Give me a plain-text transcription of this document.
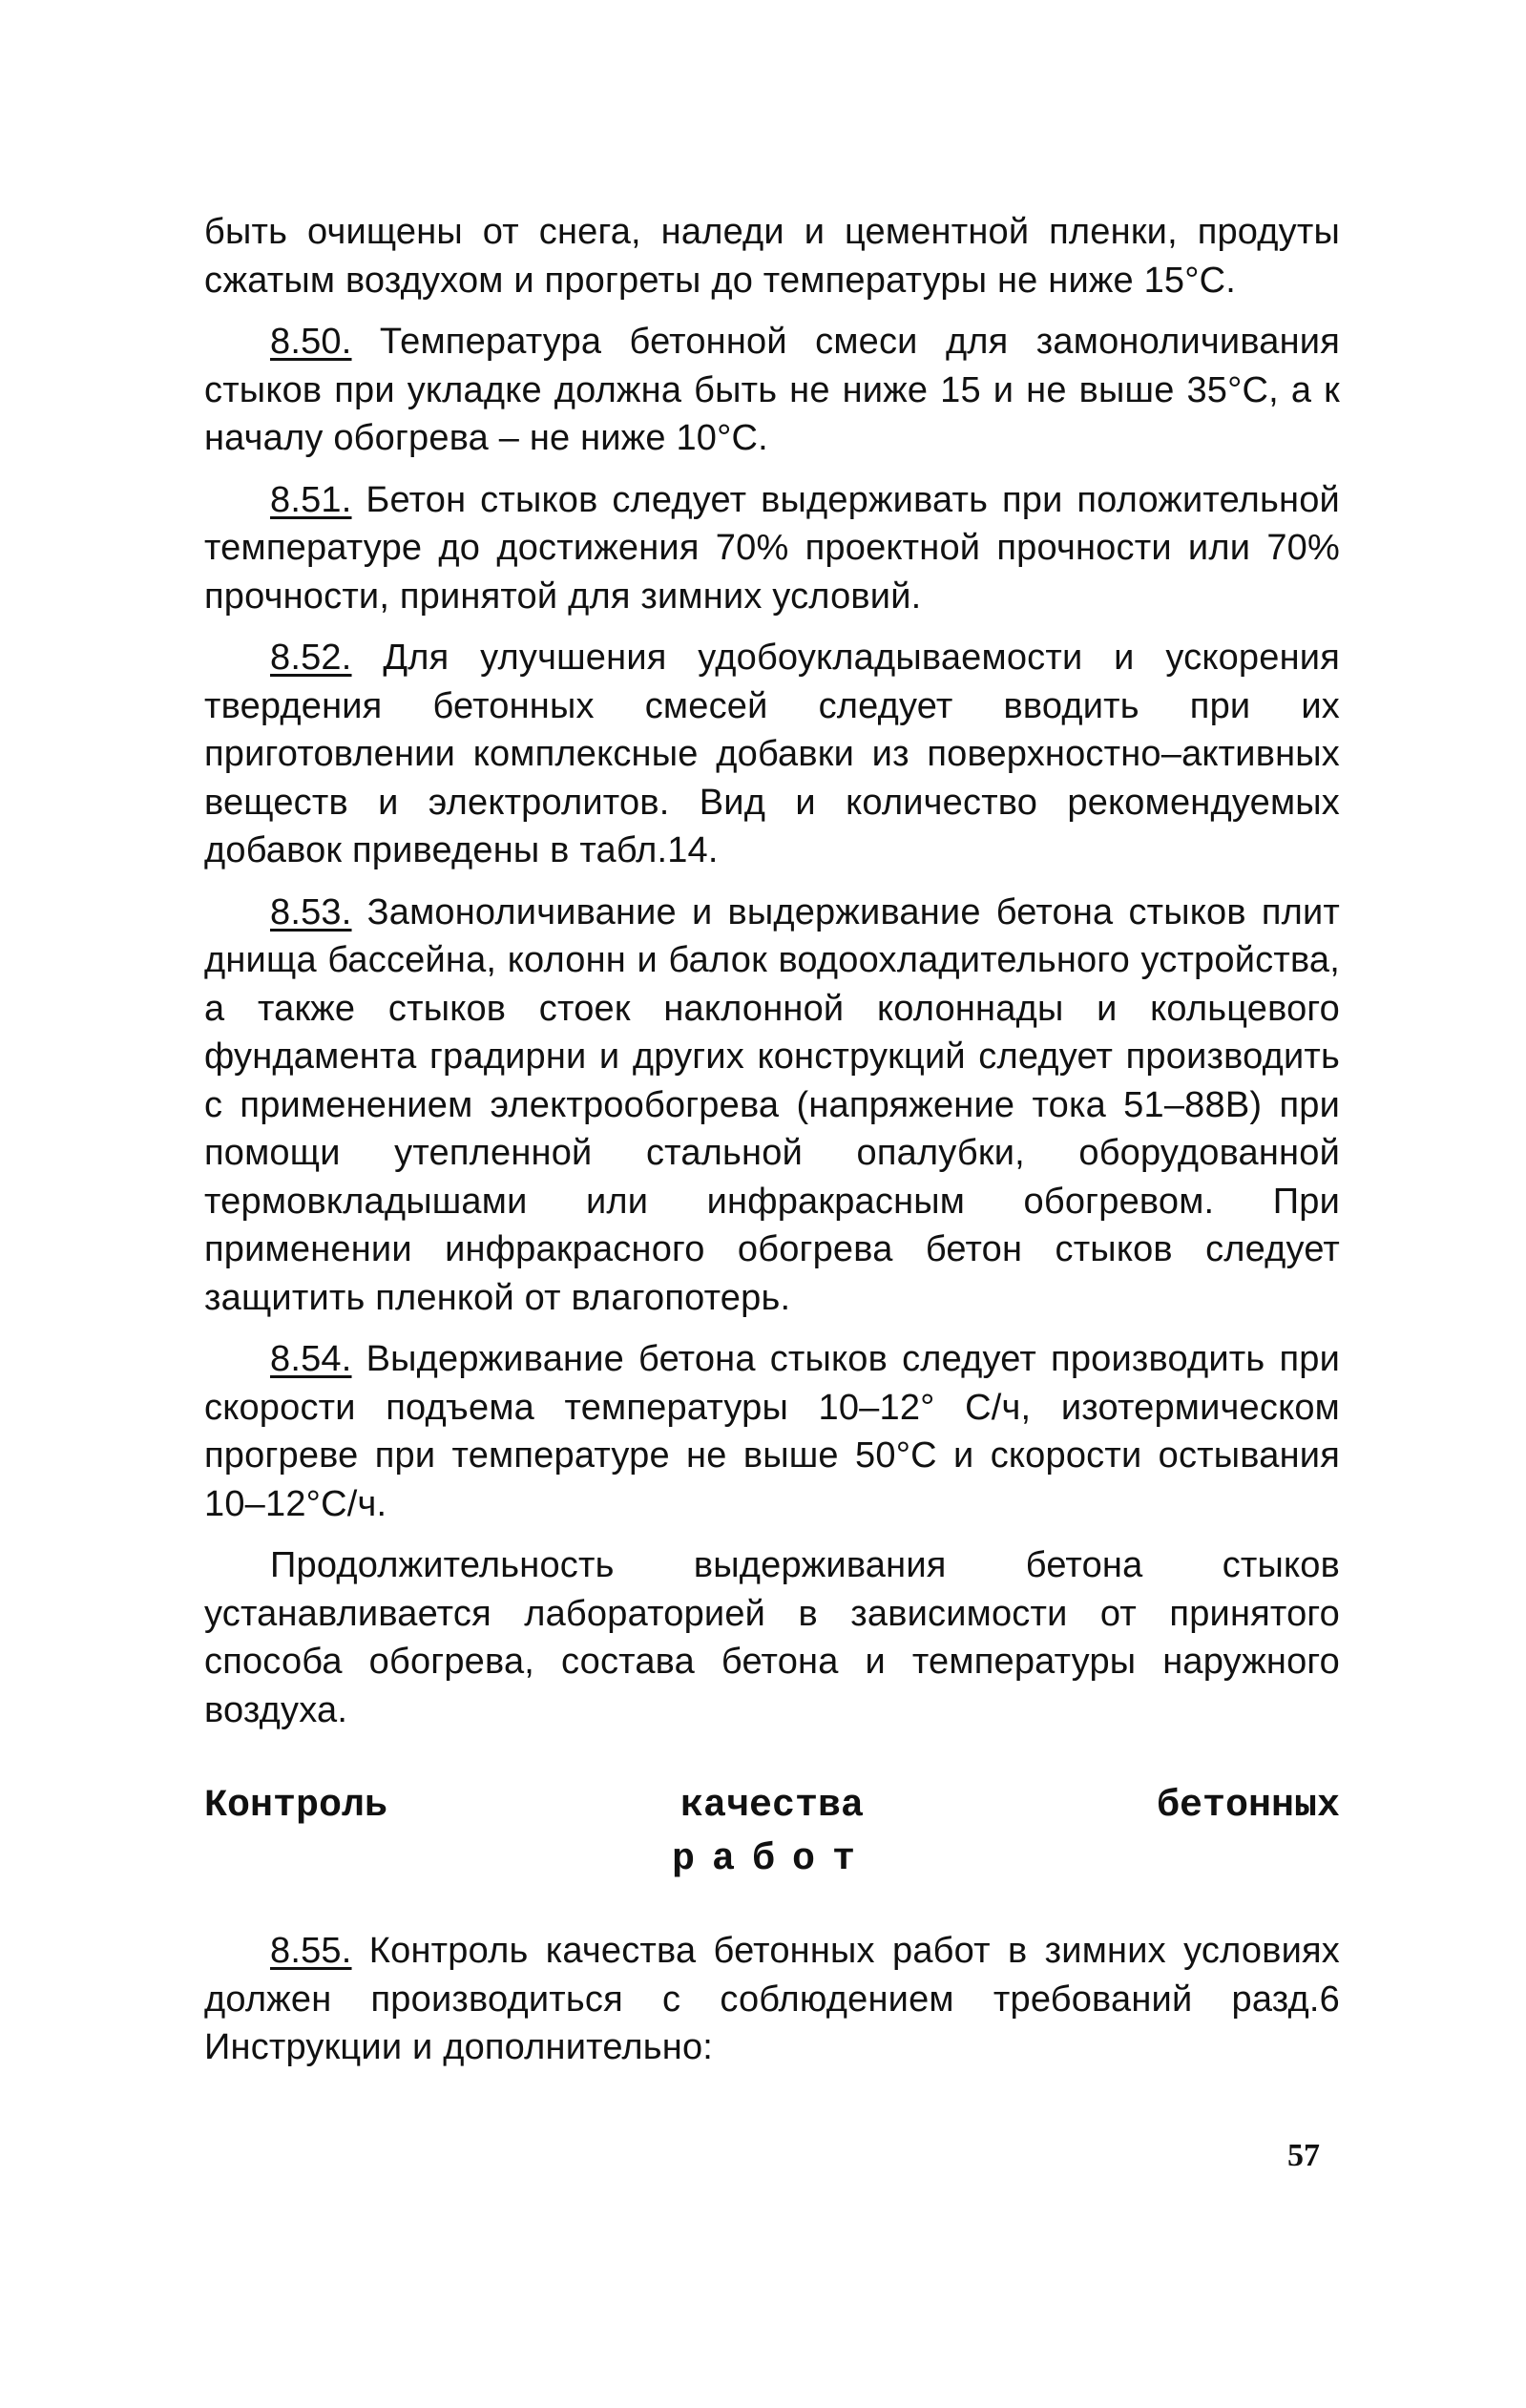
быть очищены от снега, наледи и цементной пленки, продуты сжатым воздухом и прогреты до температуры не ниже 15°С.

8.50. Температура бетонной смеси для замоноличивания стыков при укладке должна быть не ниже 15 и не выше 35°С, а к началу обогрева – не ниже 10°С.

8.51. Бетон стыков следует выдерживать при положительной температуре до достижения 70% проектной прочности или 70% прочности, принятой для зимних условий.

8.52. Для улучшения удобоукладываемости и ускорения твердения бетонных смесей следует вводить при их приготовлении комплексные добавки из поверхностно–активных веществ и электролитов. Вид и количество рекомендуемых добавок приведены в табл.14.

8.53. Замоноличивание и выдерживание бетона стыков плит днища бассейна, колонн и балок водоохладительного устройства, а также стыков стоек наклонной колоннады и кольцевого фундамента градирни и других конструкций следует производить с применением электрообогрева (напряжение тока 51–88В) при помощи утепленной стальной опалубки, оборудованной термовкладышами или инфракрасным обогревом. При применении инфракрасного обогрева бетон стыков следует защитить пленкой от влагопотерь.

8.54. Выдерживание бетона стыков следует производить при скорости подъема температуры 10–12° С/ч, изотермическом прогреве при температуре не выше 50°С и скорости остывания 10–12°С/ч.

Продолжительность выдерживания бетона стыков устанавливается лабораторией в зависимости от принятого способа обогрева, состава бетона и температуры наружного воздуха.

Контроль качества бетонных
работ

8.55. Контроль качества бетонных работ в зимних условиях должен производиться с соблюдением требований разд.6 Инструкции и дополнительно:

57
